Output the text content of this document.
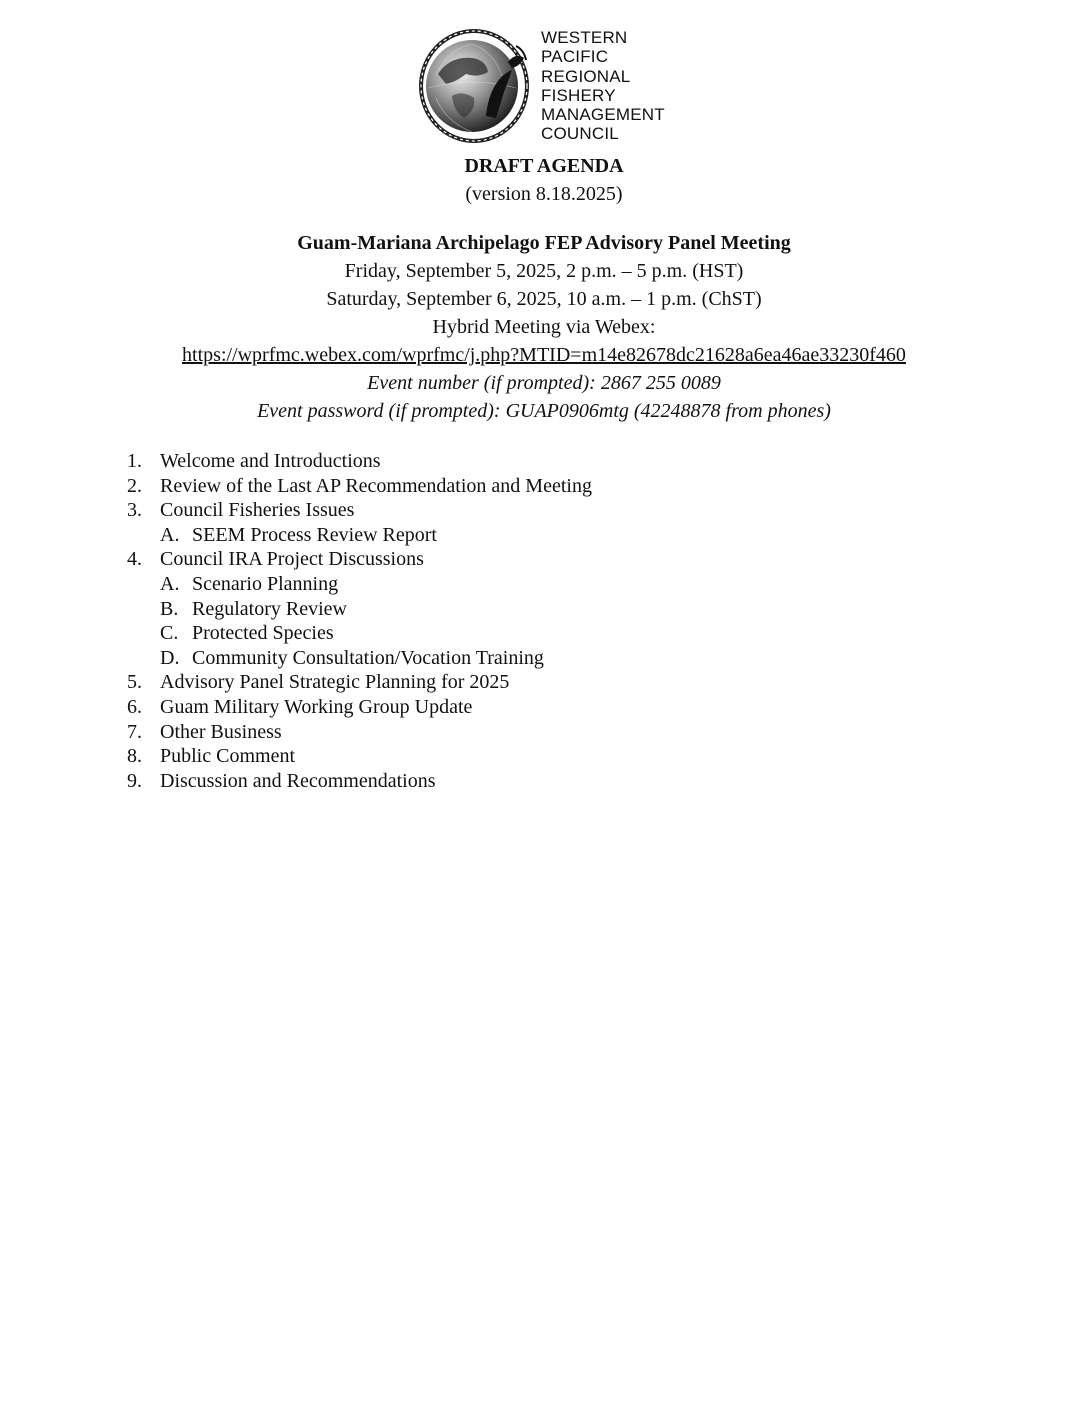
WESTERN
PACIFIC
REGIONAL
FISHERY
MANAGEMENT
COUNCIL
DRAFT AGENDA
(version 8.18.2025)
Guam-Mariana Archipelago FEP Advisory Panel Meeting
Friday, September 5, 2025, 2 p.m. – 5 p.m. (HST)
Saturday, September 6, 2025, 10 a.m. – 1 p.m. (ChST)
Hybrid Meeting via Webex:
https://wprfmc.webex.com/wprfmc/j.php?MTID=m14e82678dc21628a6ea46ae33230f460
Event number (if prompted): 2867 255 0089
Event password (if prompted): GUAP0906mtg (42248878 from phones)
1. Welcome and Introductions
2. Review of the Last AP Recommendation and Meeting
3. Council Fisheries Issues
A. SEEM Process Review Report
4. Council IRA Project Discussions
A. Scenario Planning
B. Regulatory Review
C. Protected Species
D. Community Consultation/Vocation Training
5. Advisory Panel Strategic Planning for 2025
6. Guam Military Working Group Update
7. Other Business
8. Public Comment
9. Discussion and Recommendations
